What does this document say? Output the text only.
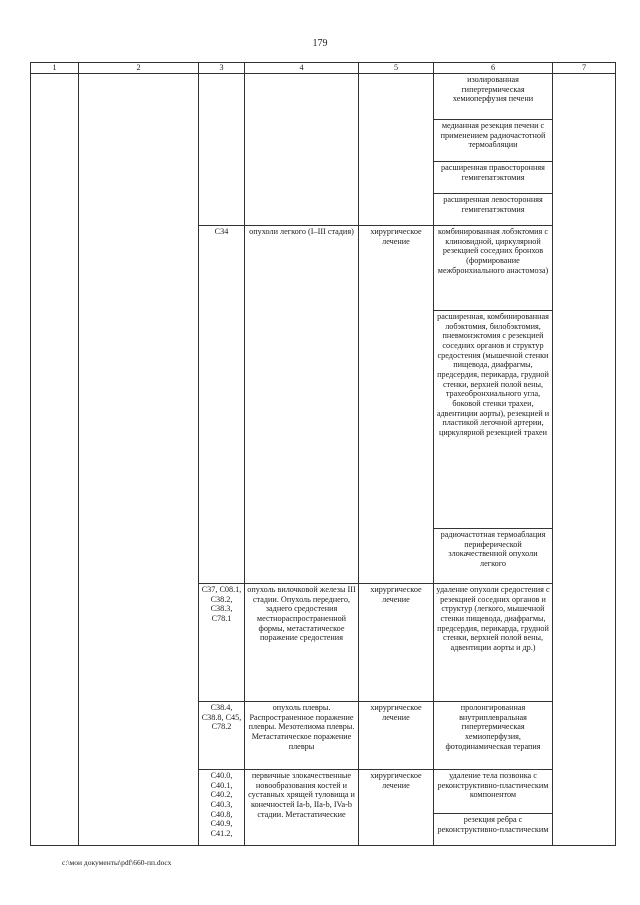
179
1	2	3	4	5	6	7
					изолированная гипертермическая хемиоперфузия печени	
					медианная резекция печени с применением радиочастотной термоабляции	
					расширенная правосторонняя гемигепатэктомия	
					расширенная левосторонняя гемигепатэктомия	
		C34	опухоли легкого (I–III стадия)	хирургическое лечение	комбинированная лобэктомия с клиновидной, циркулярной резекцией соседних бронхов (формирование межбронхиального анастомоза)	
					расширенная, комбинированная лобэктомия, билобэктомия, пневмонэктомия с резекцией соседних органов и структур средостения (мышечной стенки пищевода, диафрагмы, предсердия, перикарда, грудной стенки, верхней полой вены, трахеобронхиального угла, боковой стенки трахеи, адвентиции аорты), резекцией и пластикой легочной артерии, циркулярной резекцией трахеи	
					радиочастотная термоаблация периферической злокачественной опухоли легкого	
		C37, C08.1, C38.2, C38.3, C78.1	опухоль вилочковой железы III стадии. Опухоль переднего, заднего средостения местнораспространенной формы, метастатическое поражение средостения	хирургическое лечение	удаление опухоли средостения с резекцией соседних органов и структур (легкого, мышечной стенки пищевода, диафрагмы, предсердия, перикарда, грудной стенки, верхней полой вены, адвентиции аорты и др.)	
		C38.4, C38.8, C45, C78.2	опухоль плевры. Распространенное поражение плевры. Мезотелиома плевры. Метастатическое поражение плевры	хирургическое лечение	пролонгированная внутриплевральная гипертермическая хемиоперфузия, фотодинамическая терапия	
		C40.0, C40.1, C40.2, C40.3, C40.8, C40.9, C41.2,	первичные злокачественные новообразования костей и суставных хрящей туловища и конечностей Ia-b, IIa-b, IVa-b стадии. Метастатические	хирургическое лечение	удаление тела позвонка с реконструктивно-пластическим компонентом	
					резекция ребра с реконструктивно-пластическим	
c:\мои документы\pdf\660-пп.docx
